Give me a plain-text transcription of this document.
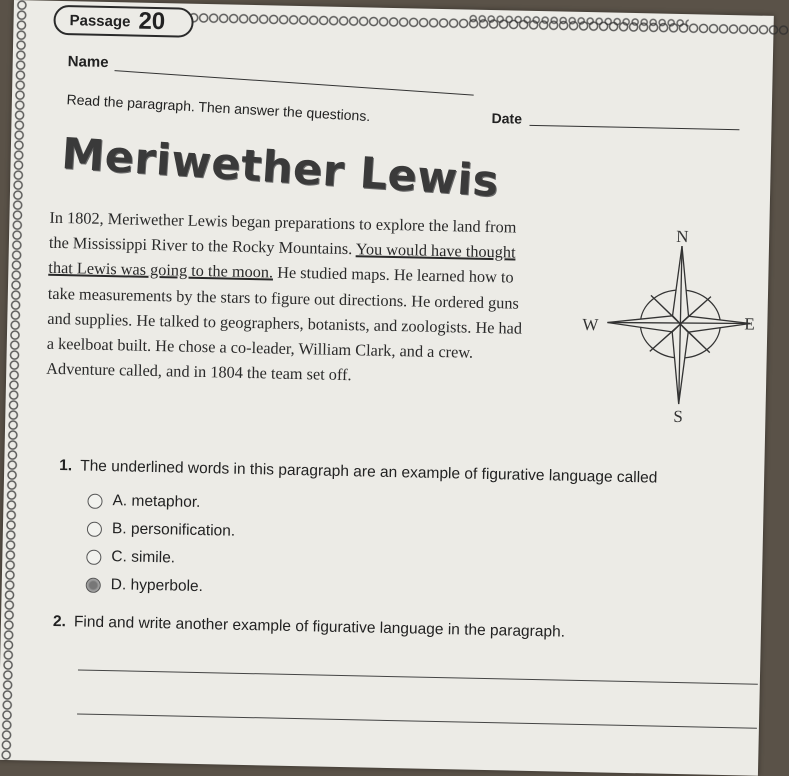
Passage 20
Name
Read the paragraph. Then answer the questions.	Date
Meriwether Lewis
In 1802, Meriwether Lewis began preparations to explore the land from the Mississippi River to the Rocky Mountains. You would have thought that Lewis was going to the moon. He studied maps. He learned how to take measurements by the stars to figure out directions. He ordered guns and supplies. He talked to geographers, botanists, and zoologists. He had a keelboat built. He chose a co-leader, William Clark, and a crew. Adventure called, and in 1804 the team set off.
N
S
W	E
1. The underlined words in this paragraph are an example of figurative language called
A.
metaphor.
B.
personification.
C.
simile.
D.
hyperbole.
2. Find and write another example of figurative language in the paragraph.
